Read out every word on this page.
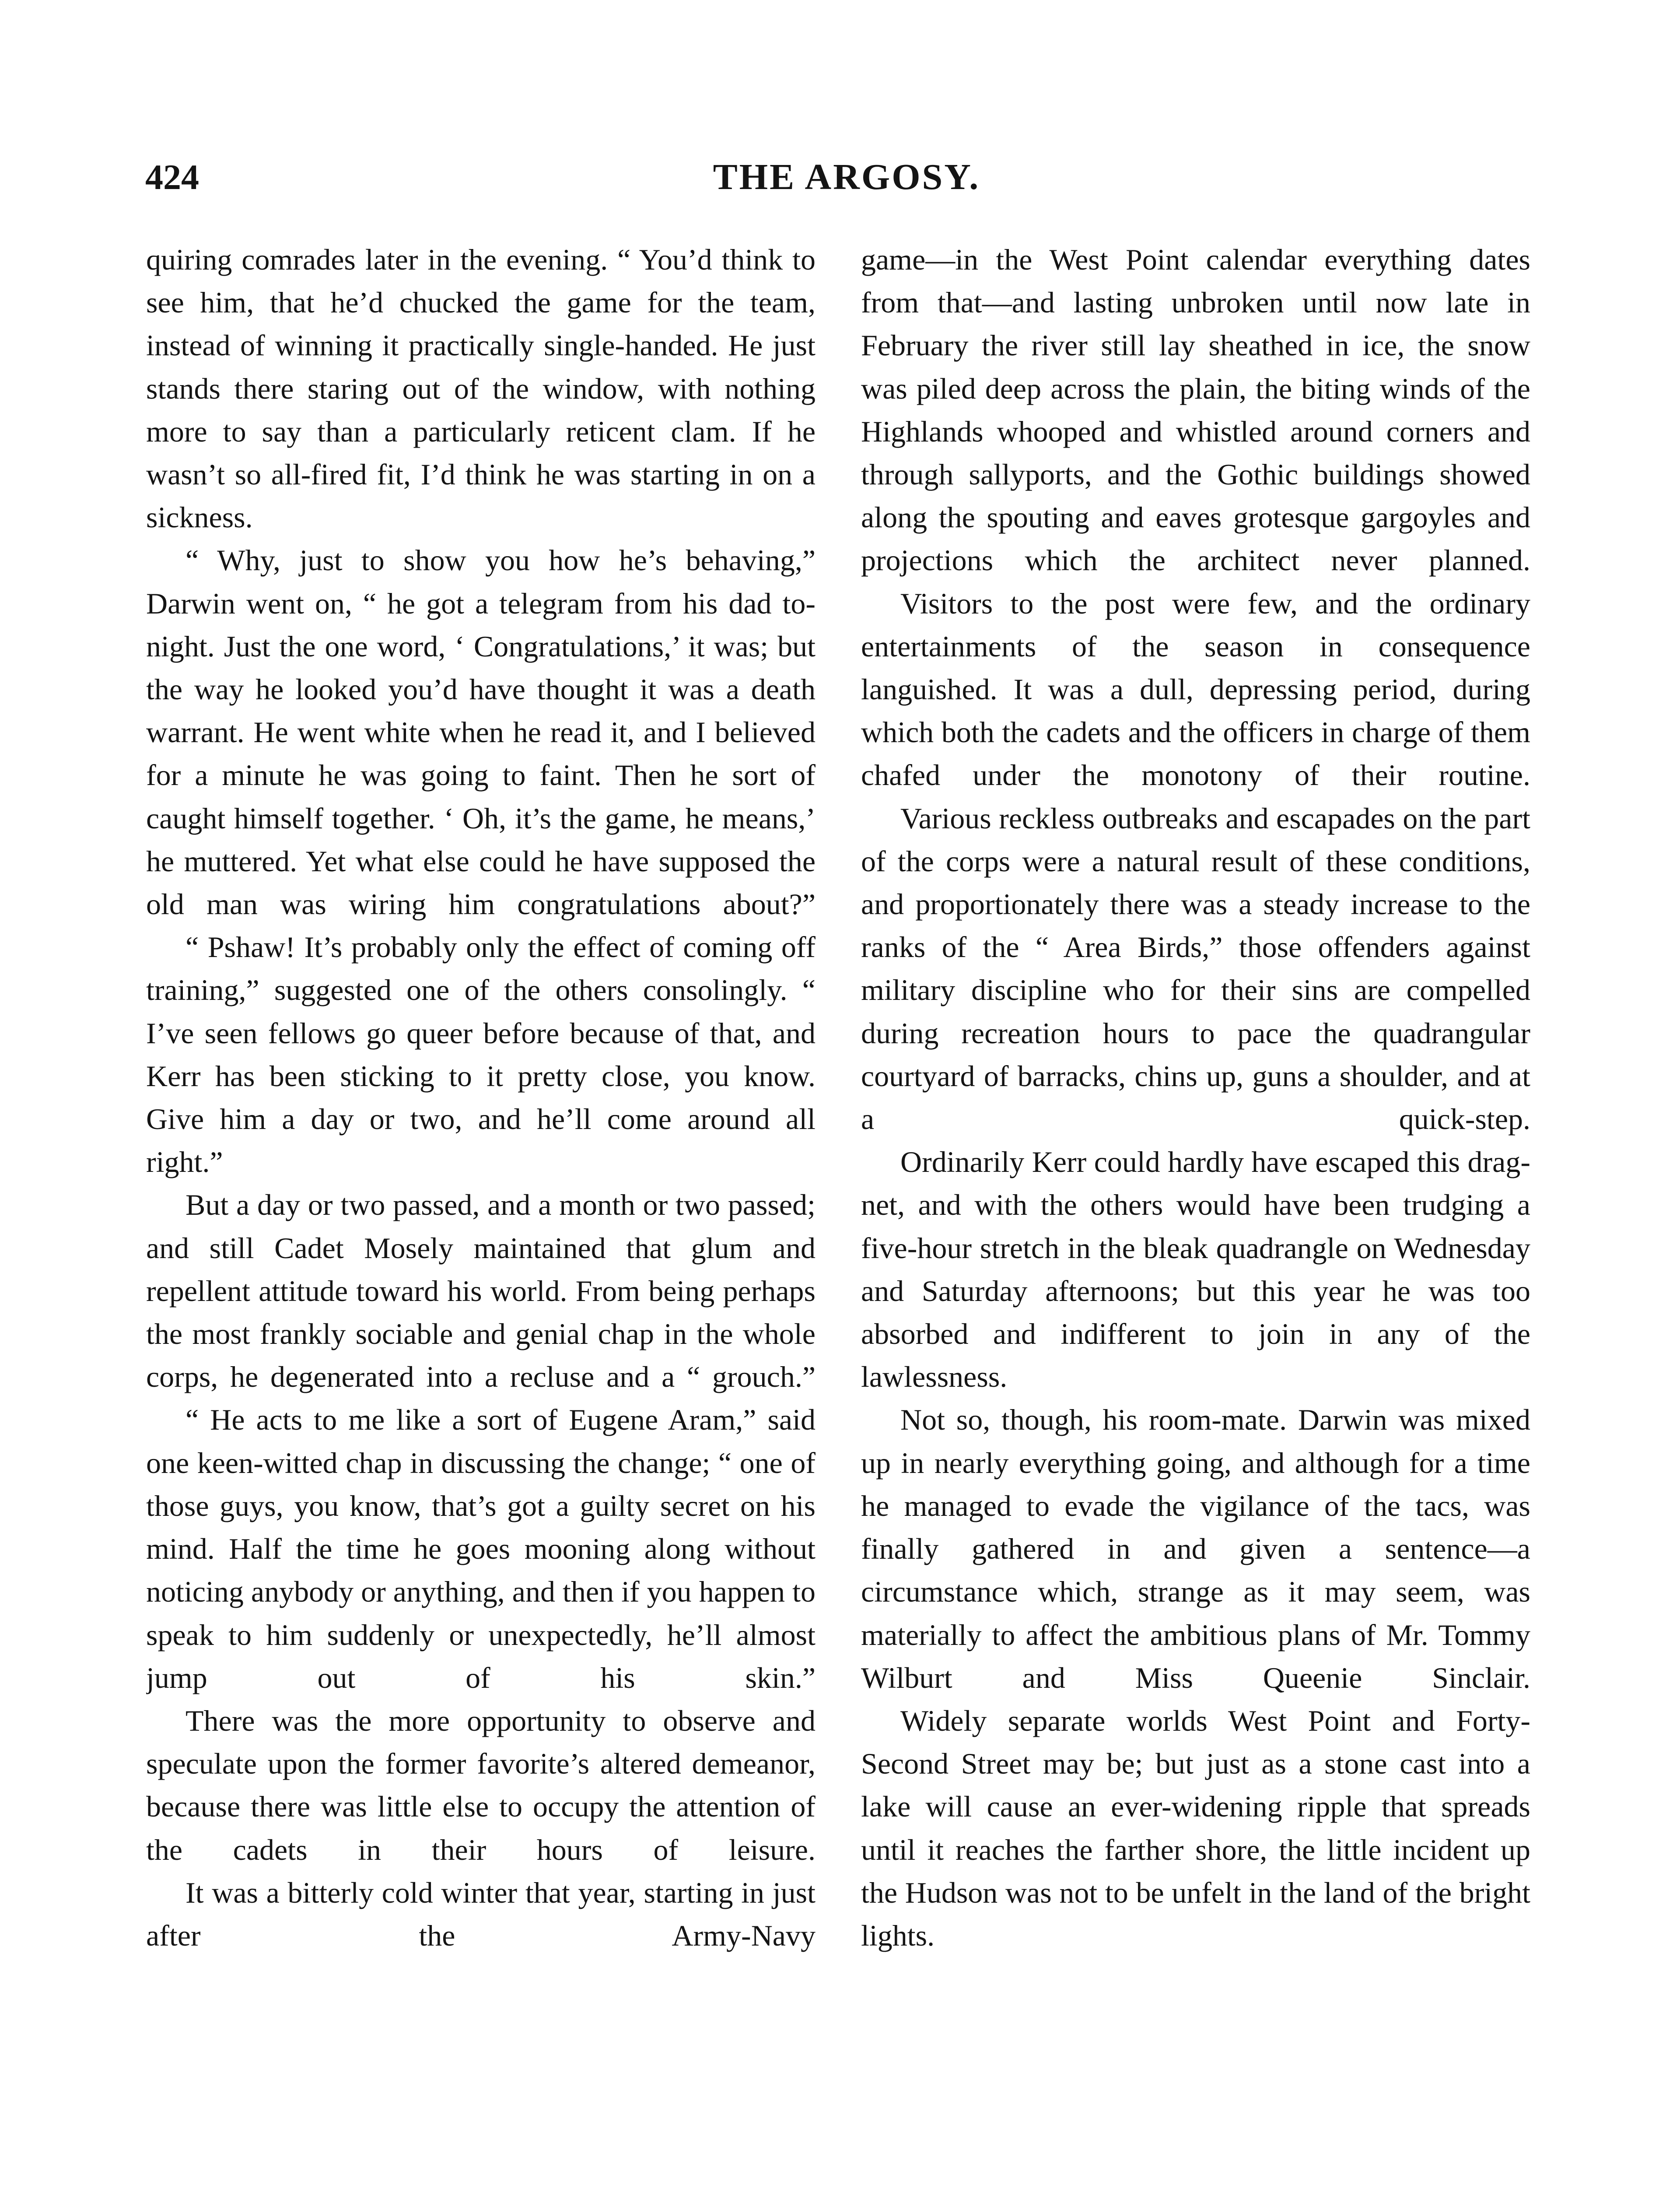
424	THE ARGOSY.

quiring comrades later in the evening. “ You’d think to see him, that he’d chucked the game for the team, instead of winning it practically single-handed. He just stands there staring out of the window, with nothing more to say than a particularly reticent clam. If he wasn’t so all-fired fit, I’d think he was starting in on a sickness.

“ Why, just to show you how he’s behaving,” Darwin went on, “ he got a telegram from his dad to-night. Just the one word, ‘ Congratulations,’ it was; but the way he looked you’d have thought it was a death warrant. He went white when he read it, and I believed for a minute he was going to faint. Then he sort of caught himself together. ‘ Oh, it’s the game, he means,’ he muttered. Yet what else could he have supposed the old man was wiring him congratulations about?”

“ Pshaw! It’s probably only the effect of coming off training,” suggested one of the others consolingly. “ I’ve seen fellows go queer before because of that, and Kerr has been sticking to it pretty close, you know. Give him a day or two, and he’ll come around all right.”

But a day or two passed, and a month or two passed; and still Cadet Mosely maintained that glum and repellent attitude toward his world. From being perhaps the most frankly sociable and genial chap in the whole corps, he degenerated into a recluse and a “ grouch.”

“ He acts to me like a sort of Eugene Aram,” said one keen-witted chap in discussing the change; “ one of those guys, you know, that’s got a guilty secret on his mind. Half the time he goes mooning along without noticing anybody or anything, and then if you happen to speak to him suddenly or unexpectedly, he’ll almost jump out of his skin.”

There was the more opportunity to observe and speculate upon the former favorite’s altered demeanor, because there was little else to occupy the attention of the cadets in their hours of leisure.

It was a bitterly cold winter that year, starting in just after the Army-Navy

game—in the West Point calendar everything dates from that—and lasting unbroken until now late in February the river still lay sheathed in ice, the snow was piled deep across the plain, the biting winds of the Highlands whooped and whistled around corners and through sallyports, and the Gothic buildings showed along the spouting and eaves grotesque gargoyles and projections which the architect never planned.

Visitors to the post were few, and the ordinary entertainments of the season in consequence languished. It was a dull, depressing period, during which both the cadets and the officers in charge of them chafed under the monotony of their routine.

Various reckless outbreaks and escapades on the part of the corps were a natural result of these conditions, and proportionately there was a steady increase to the ranks of the “ Area Birds,” those offenders against military discipline who for their sins are compelled during recreation hours to pace the quadrangular courtyard of barracks, chins up, guns a shoulder, and at a quick-step.

Ordinarily Kerr could hardly have escaped this drag-net, and with the others would have been trudging a five-hour stretch in the bleak quadrangle on Wednesday and Saturday afternoons; but this year he was too absorbed and indifferent to join in any of the lawlessness.

Not so, though, his room-mate. Darwin was mixed up in nearly everything going, and although for a time he managed to evade the vigilance of the tacs, was finally gathered in and given a sentence—a circumstance which, strange as it may seem, was materially to affect the ambitious plans of Mr. Tommy Wilburt and Miss Queenie Sinclair.

Widely separate worlds West Point and Forty-Second Street may be; but just as a stone cast into a lake will cause an ever-widening ripple that spreads until it reaches the farther shore, the little incident up the Hudson was not to be unfelt in the land of the bright lights.
